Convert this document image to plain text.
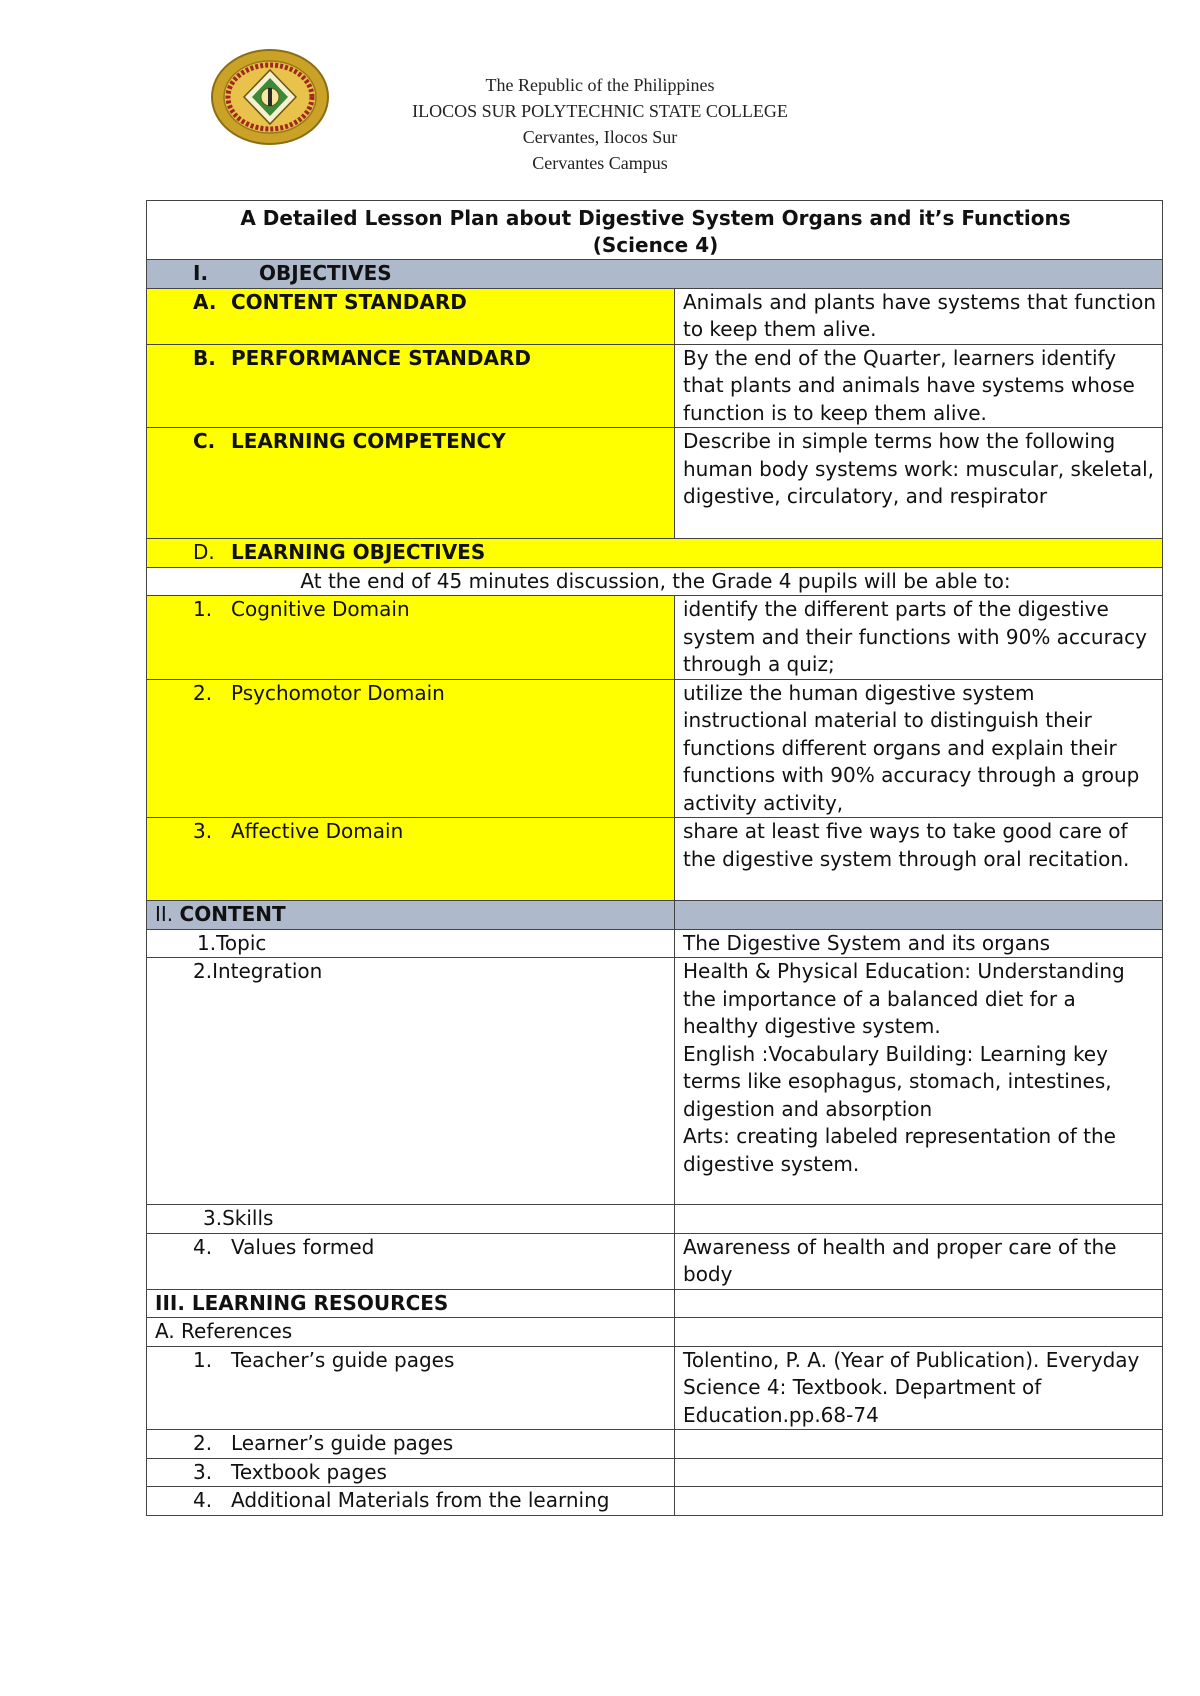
The Republic of the Philippines
ILOCOS SUR POLYTECHNIC STATE COLLEGE
Cervantes, Ilocos Sur
Cervantes Campus
A Detailed Lesson Plan about Digestive System Organs and it’s Functions
(Science 4)	

I. OBJECTIVES	
A. CONTENT STANDARD	Animals and plants have systems that function to keep them alive.
B. PERFORMANCE STANDARD	By the end of the Quarter, learners identify that plants and animals have systems whose function is to keep them alive.
C. LEARNING COMPETENCY	Describe in simple terms how the following human body systems work: muscular, skeletal, digestive, circulatory, and respirator
D. LEARNING OBJECTIVES	
At the end of 45 minutes discussion, the Grade 4 pupils will be able to:	
1. Cognitive Domain	identify the different parts of the digestive system and their functions with 90% accuracy through a quiz;
2. Psychomotor Domain	utilize the human digestive system instructional material to distinguish their functions different organs and explain their functions with 90% accuracy through a group activity activity,
3. Affective Domain	share at least five ways to take good care of the digestive system through oral recitation.
II. CONTENT	
1.Topic	The Digestive System and its organs
2.Integration	Health & Physical Education: Understanding the importance of a balanced diet for a healthy digestive system.
English :Vocabulary Building: Learning key terms like esophagus, stomach, intestines, digestion and absorption
Arts: creating labeled representation of the digestive system.

3.Skills	
4. Values formed	Awareness of health and proper care of the body
III. LEARNING RESOURCES	
A. References	
1. Teacher’s guide pages	Tolentino, P. A. (Year of Publication). Everyday Science 4: Textbook. Department of Education.pp.68-74
2. Learner’s guide pages	
3. Textbook pages	
4. Additional Materials from the learning	
